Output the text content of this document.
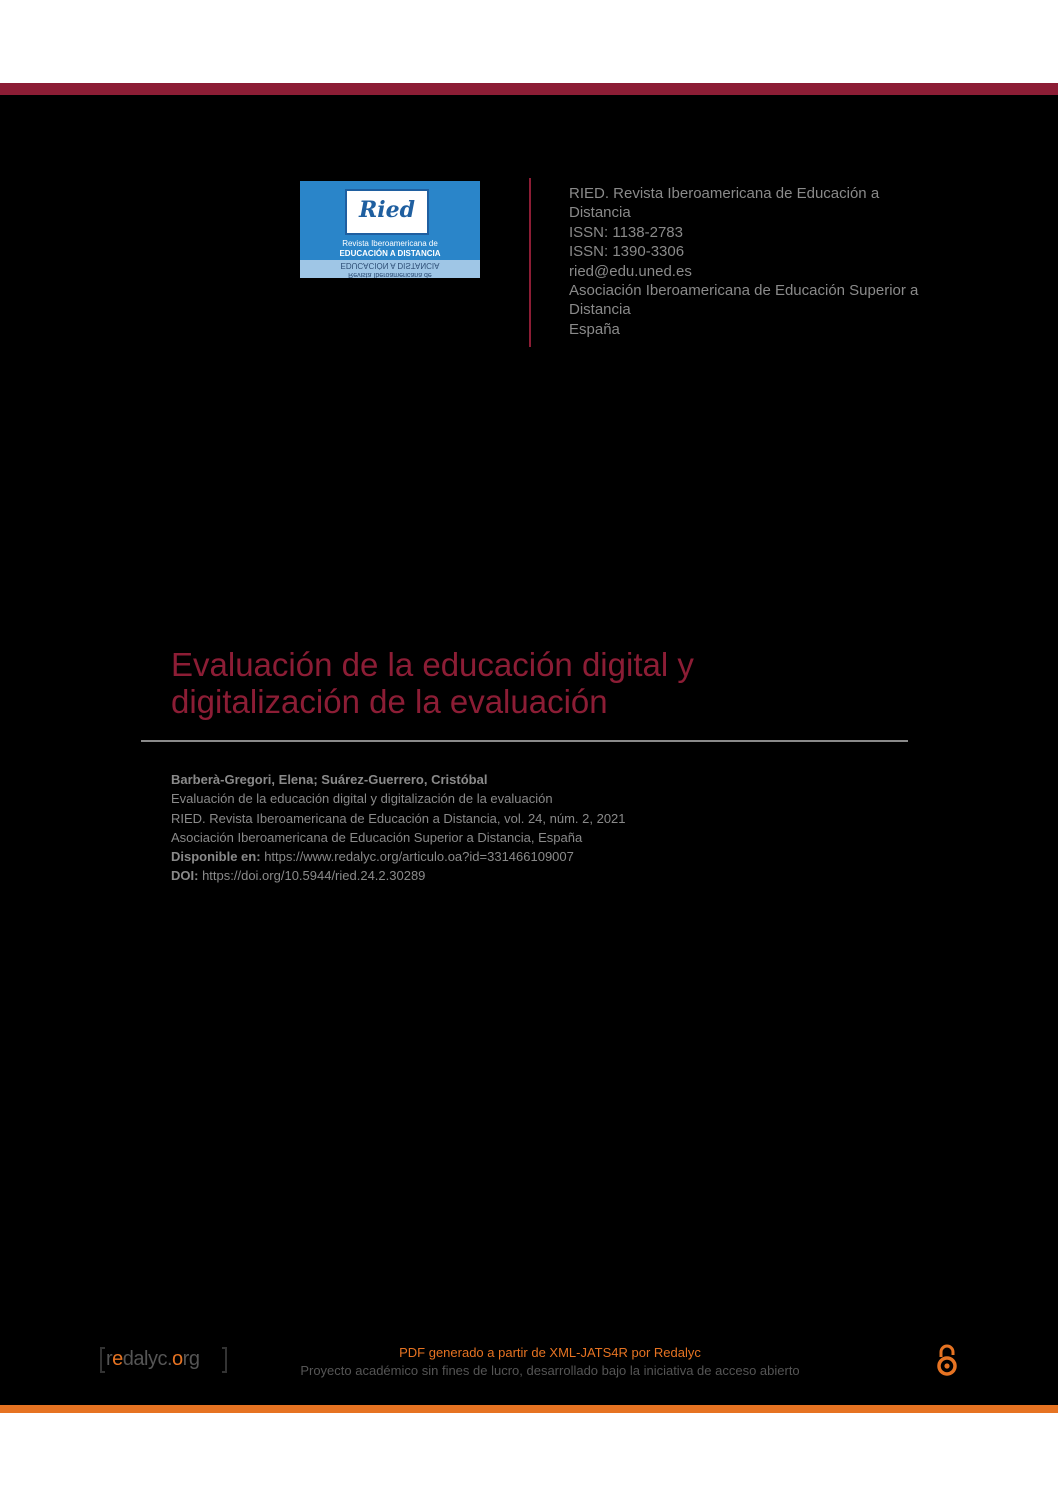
Ried
Revista Iberoamericana de
EDUCACIÓN A DISTANCIA
EDUCACIÓN A DISTANCIA
Revista Iberoamericana de
RIED. Revista Iberoamericana de Educación a
Distancia
ISSN: 1138-2783
ISSN: 1390-3306
ried@edu.uned.es
Asociación Iberoamericana de Educación Superior a
Distancia
España
Evaluación de la educación digital y
digitalización de la evaluación
Barberà-Gregori, Elena; Suárez-Guerrero, Cristóbal
Evaluación de la educación digital y digitalización de la evaluación
RIED. Revista Iberoamericana de Educación a Distancia, vol. 24, núm. 2, 2021
Asociación Iberoamericana de Educación Superior a Distancia, España
Disponible en: https://www.redalyc.org/articulo.oa?id=331466109007
DOI: https://doi.org/10.5944/ried.24.2.30289
redalyc.org	PDF generado a partir de XML-JATS4R por Redalyc
Proyecto académico sin fines de lucro, desarrollado bajo la iniciativa de acceso abierto
